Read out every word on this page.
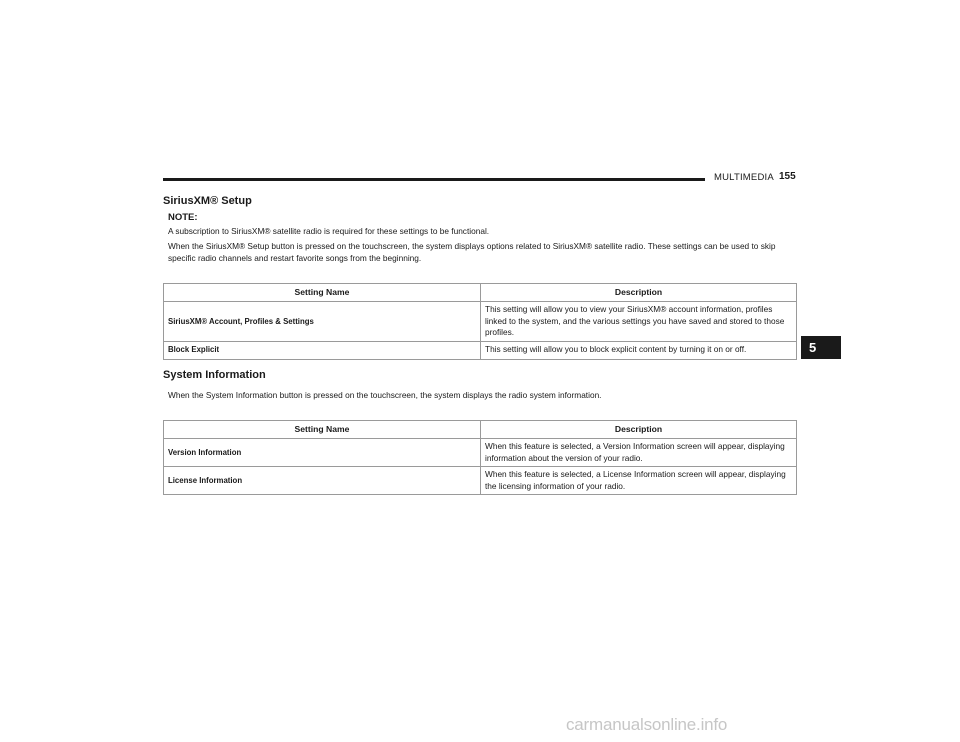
MULTIMEDIA 155
5
SiriusXM® Setup
NOTE:
A subscription to SiriusXM® satellite radio is required for these settings to be functional.
When the SiriusXM® Setup button is pressed on the touchscreen, the system displays options related to SiriusXM® satellite radio. These settings can be used to skip specific radio channels and restart favorite songs from the beginning.
Setting Name	Description
SiriusXM® Account, Profiles & Settings	This setting will allow you to view your SiriusXM® account information, profiles linked to the system, and the various settings you have saved and stored to those profiles.
Block Explicit	This setting will allow you to block explicit content by turning it on or off.
System Information
When the System Information button is pressed on the touchscreen, the system displays the radio system information.
Setting Name	Description
Version Information	When this feature is selected, a Version Information screen will appear, displaying information about the version of your radio.
License Information	When this feature is selected, a License Information screen will appear, displaying the licensing information of your radio.
carmanualsonline.info
